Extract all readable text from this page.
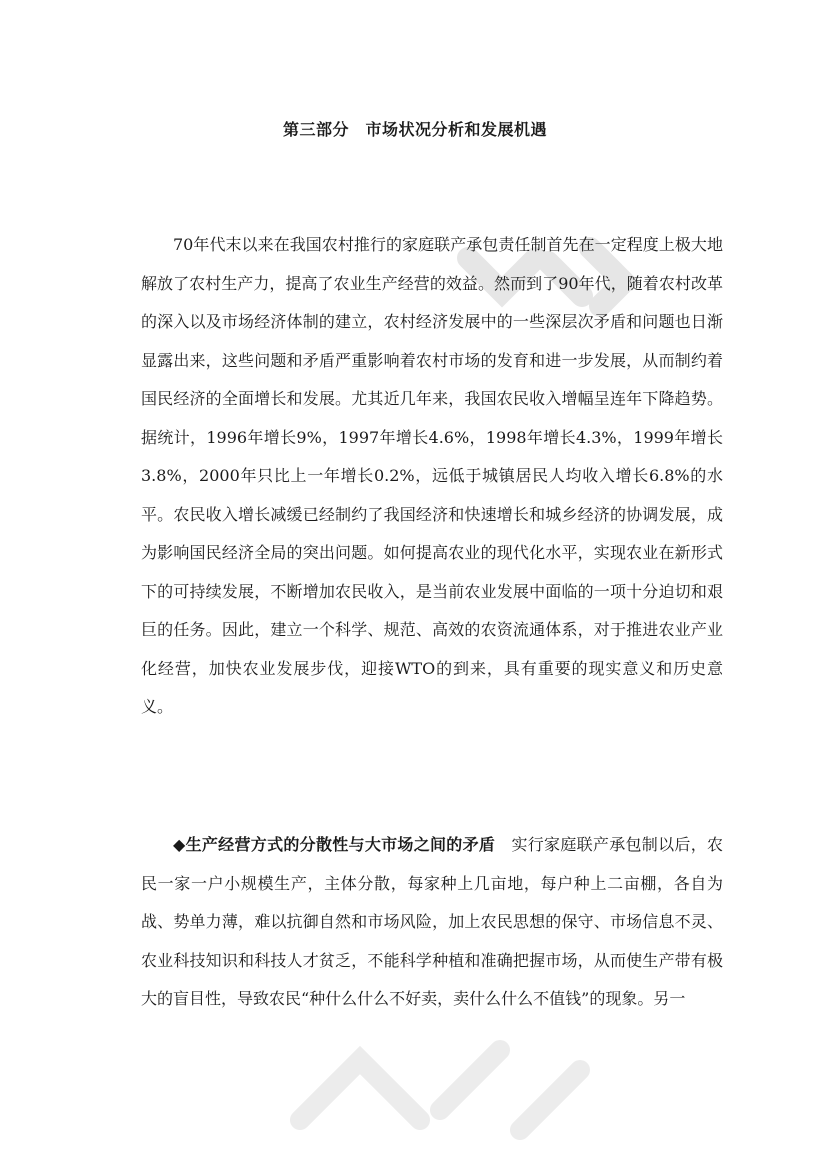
第三部分　市场状况分析和发展机遇

70年代末以来在我国农村推行的家庭联产承包责任制首先在一定程度上极大地解放了农村生产力，提高了农业生产经营的效益。然而到了90年代，随着农村改革的深入以及市场经济体制的建立，农村经济发展中的一些深层次矛盾和问题也日渐显露出来，这些问题和矛盾严重影响着农村市场的发育和进一步发展，从而制约着国民经济的全面增长和发展。尤其近几年来，我国农民收入增幅呈连年下降趋势。据统计，1996年增长9%，1997年增长4.6%，1998年增长4.3%，1999年增长3.8%，2000年只比上一年增长0.2%，远低于城镇居民人均收入增长6.8%的水平。农民收入增长减缓已经制约了我国经济和快速增长和城乡经济的协调发展，成为影响国民经济全局的突出问题。如何提高农业的现代化水平，实现农业在新形式下的可持续发展，不断增加农民收入，是当前农业发展中面临的一项十分迫切和艰巨的任务。因此，建立一个科学、规范、高效的农资流通体系，对于推进农业产业化经营，加快农业发展步伐，迎接WTO的到来，具有重要的现实意义和历史意义。

◆生产经营方式的分散性与大市场之间的矛盾 实行家庭联产承包制以后，农民一家一户小规模生产，主体分散，每家种上几亩地，每户种上二亩棚，各自为战、势单力薄，难以抗御自然和市场风险，加上农民思想的保守、市场信息不灵、农业科技知识和科技人才贫乏，不能科学种植和准确把握市场，从而使生产带有极大的盲目性，导致农民“种什么什么不好卖，卖什么什么不值钱”的现象。另一
